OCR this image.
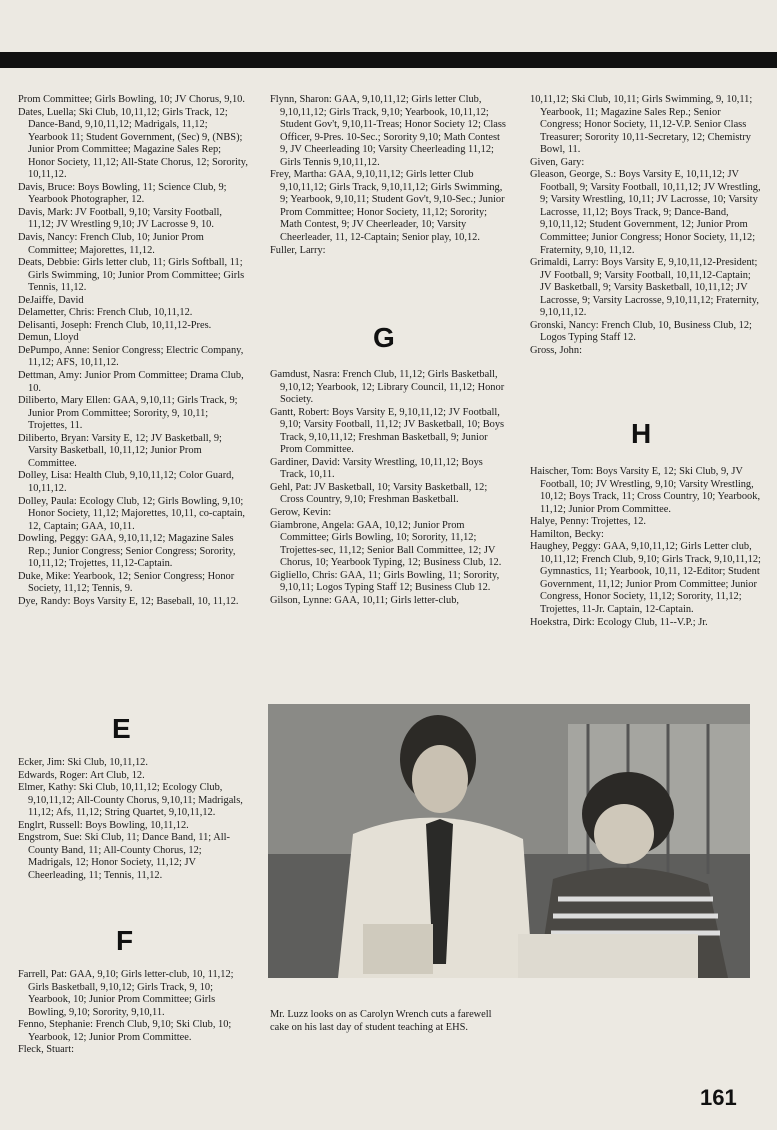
Prom Committee; Girls Bowling, 10; JV Chorus, 9,10.

Dates, Luella; Ski Club, 10,11,12; Girls Track, 12; Dance-Band, 9,10,11,12; Madrigals, 11,12; Yearbook 11; Student Government, (Sec) 9, (NBS); Junior Prom Committee; Magazine Sales Rep; Honor Society, 11,12; All-State Chorus, 12; Sorority, 10,11,12.

Davis, Bruce: Boys Bowling, 11; Science Club, 9; Yearbook Photographer, 12.

Davis, Mark: JV Football, 9,10; Varsity Football, 11,12; JV Wrestling 9,10; JV Lacrosse 9, 10.

Davis, Nancy: French Club, 10; Junior Prom Committee; Majorettes, 11,12.

Deats, Debbie: Girls letter club, 11; Girls Softball, 11; Girls Swimming, 10; Junior Prom Committee; Girls Tennis, 11,12.

DeJaiffe, David

Delametter, Chris: French Club, 10,11,12.

Delisanti, Joseph: French Club, 10,11,12-Pres.

Demun, Lloyd

DePumpo, Anne: Senior Congress; Electric Company, 11,12; AFS, 10,11,12.

Dettman, Amy: Junior Prom Committee; Drama Club, 10.

Diliberto, Mary Ellen: GAA, 9,10,11; Girls Track, 9; Junior Prom Committee; Sorority, 9, 10,11; Trojettes, 11.

Diliberto, Bryan: Varsity E, 12; JV Basketball, 9; Varsity Basketball, 10,11,12; Junior Prom Committee.

Dolley, Lisa: Health Club, 9,10,11,12; Color Guard, 10,11,12.

Dolley, Paula: Ecology Club, 12; Girls Bowling, 9,10; Honor Society, 11,12; Majorettes, 10,11, co-captain, 12, Captain; GAA, 10,11.

Dowling, Peggy: GAA, 9,10,11,12; Magazine Sales Rep.; Junior Congress; Senior Congress; Sorority, 10,11,12; Trojettes, 11,12-Captain.

Duke, Mike: Yearbook, 12; Senior Congress; Honor Society, 11,12; Tennis, 9.

Dye, Randy: Boys Varsity E, 12; Baseball, 10, 11,12.

E

Ecker, Jim: Ski Club, 10,11,12.

Edwards, Roger: Art Club, 12.

Elmer, Kathy: Ski Club, 10,11,12; Ecology Club, 9,10,11,12; All-County Chorus, 9,10,11; Madrigals, 11,12; Afs, 11,12; String Quartet, 9,10,11,12.

Englrt, Russell: Boys Bowling, 10,11,12.

Engstrom, Sue: Ski Club, 11; Dance Band, 11; All-County Band, 11; All-County Chorus, 12; Madrigals, 12; Honor Society, 11,12; JV Cheerleading, 11; Tennis, 11,12.

F

Farrell, Pat: GAA, 9,10; Girls letter-club, 10, 11,12; Girls Basketball, 9,10,12; Girls Track, 9, 10; Yearbook, 10; Junior Prom Committee; Girls Bowling, 9,10; Sorority, 9,10,11.

Fenno, Stephanie: French Club, 9,10; Ski Club, 10; Yearbook, 12; Junior Prom Committee.

Fleck, Stuart:

Flynn, Sharon: GAA, 9,10,11,12; Girls letter Club, 9,10,11,12; Girls Track, 9,10; Yearbook, 10,11,12; Student Gov't, 9,10,11-Treas; Honor Society 12; Class Officer, 9-Pres. 10-Sec.; Sorority 9,10; Math Contest 9, JV Cheerleading 10; Varsity Cheerleading 11,12; Girls Tennis 9,10,11,12.

Frey, Martha: GAA, 9,10,11,12; Girls letter Club 9,10,11,12; Girls Track, 9,10,11,12; Girls Swimming, 9; Yearbook, 9,10,11; Student Gov't, 9,10-Sec.; Junior Prom Committee; Honor Society, 11,12; Sorority; Math Contest, 9; JV Cheerleader, 10; Varsity Cheerleader, 11, 12-Captain; Senior play, 10,12.

Fuller, Larry:

G

Gamdust, Nasra: French Club, 11,12; Girls Basketball, 9,10,12; Yearbook, 12; Library Council, 11,12; Honor Society.

Gantt, Robert: Boys Varsity E, 9,10,11,12; JV Football, 9,10; Varsity Football, 11,12; JV Basketball, 10; Boys Track, 9,10,11,12; Freshman Basketball, 9; Junior Prom Committee.

Gardiner, David: Varsity Wrestling, 10,11,12; Boys Track, 10,11.

Gehl, Pat: JV Basketball, 10; Varsity Basketball, 12; Cross Country, 9,10; Freshman Basketball.

Gerow, Kevin:

Giambrone, Angela: GAA, 10,12; Junior Prom Committee; Girls Bowling, 10; Sorority, 11,12; Trojettes-sec, 11,12; Senior Ball Committee, 12; JV Chorus, 10; Yearbook Typing, 12; Business Club, 12.

Gigliello, Chris: GAA, 11; Girls Bowling, 11; Sorority, 9,10,11; Logos Typing Staff 12; Business Club 12.

Gilson, Lynne: GAA, 10,11; Girls letter-club,

10,11,12; Ski Club, 10,11; Girls Swimming, 9, 10,11; Yearbook, 11; Magazine Sales Rep.; Senior Congress; Honor Society, 11,12-V.P. Senior Class Treasurer; Sorority 10,11-Secretary, 12; Chemistry Bowl, 11.

Given, Gary:

Gleason, George, S.: Boys Varsity E, 10,11,12; JV Football, 9; Varsity Football, 10,11,12; JV Wrestling, 9; Varsity Wrestling, 10,11; JV Lacrosse, 10; Varsity Lacrosse, 11,12; Boys Track, 9; Dance-Band, 9,10,11,12; Student Government, 12; Junior Prom Committee; Junior Congress; Honor Society, 11,12; Fraternity, 9,10, 11,12.

Grimaldi, Larry: Boys Varsity E, 9,10,11,12-President; JV Football, 9; Varsity Football, 10,11,12-Captain; JV Basketball, 9; Varsity Basketball, 10,11,12; JV Lacrosse, 9; Varsity Lacrosse, 9,10,11,12; Fraternity, 9,10,11,12.

Gronski, Nancy: French Club, 10, Business Club, 12; Logos Typing Staff 12.

Gross, John:

H

Haischer, Tom: Boys Varsity E, 12; Ski Club, 9, JV Football, 10; JV Wrestling, 9,10; Varsity Wrestling, 10,12; Boys Track, 11; Cross Country, 10; Yearbook, 11,12; Junior Prom Committee.

Halye, Penny: Trojettes, 12.

Hamilton, Becky:

Haughey, Peggy: GAA, 9,10,11,12; Girls Letter club, 10,11,12; French Club, 9,10; Girls Track, 9,10,11,12; Gymnastics, 11; Yearbook, 10,11, 12-Editor; Student Government, 11,12; Junior Prom Committee; Junior Congress, Honor Society, 11,12; Sorority, 11,12; Trojettes, 11-Jr. Captain, 12-Captain.

Hoekstra, Dirk: Ecology Club, 11--V.P.; Jr.

Mr. Luzz looks on as Carolyn Wrench cuts a farewell cake on his last day of student teaching at EHS.
161
